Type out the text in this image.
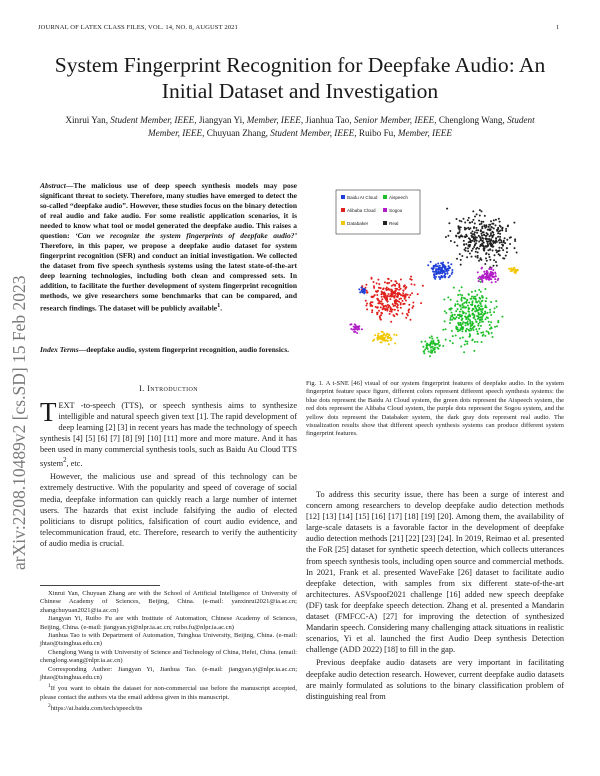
JOURNAL OF LATEX CLASS FILES, VOL. 14, NO. 8, AUGUST 2021	1
arXiv:2208.10489v2 [cs.SD] 15 Feb 2023
System Fingerprint Recognition for Deepfake Audio: An Initial Dataset and Investigation
Xinrui Yan, Student Member, IEEE, Jiangyan Yi, Member, IEEE, Jianhua Tao, Senior Member, IEEE, Chenglong Wang, Student Member, IEEE, Chuyuan Zhang, Student Member, IEEE, Ruibo Fu, Member, IEEE
Abstract—The malicious use of deep speech synthesis models may pose significant threat to society. Therefore, many studies have emerged to detect the so-called “deepfake audio”. However, these studies focus on the binary detection of real audio and fake audio. For some realistic application scenarios, it is needed to know what tool or model generated the deepfake audio. This raises a question: ‘Can we recognize the system fingerprints of deepfake audio?’ Therefore, in this paper, we propose a deepfake audio dataset for system fingerprint recognition (SFR) and conduct an initial investigation. We collected the dataset from five speech synthesis systems using the latest state-of-the-art deep learning technologies, including both clean and compressed sets. In addition, to facilitate the further development of system fingerprint recognition methods, we give researchers some benchmarks that can be compared, and research findings. The dataset will be publicly available$^1$.
Index Terms—deepfake audio, system fingerprint recognition, audio forensics.
I. Introduction

TEXT -to-speech (TTS), or speech synthesis aims to synthesize intelligible and natural speech given text [1]. The rapid development of deep learning [2] [3] in recent years has made the technology of speech synthesis [4] [5] [6] [7] [8] [9] [10] [11] more and more mature. And it has been used in many commercial synthesis tools, such as Baidu Au Cloud TTS system$^2$, etc.

However, the malicious use and spread of this technology can be extremely destructive. With the popularity and speed of coverage of social media, deepfake information can quickly reach a large number of internet users. The hazards that exist include falsifying the audio of elected politicians to disrupt politics, falsification of court audio evidence, and telecommunication fraud, etc. Therefore, research to verify the authenticity of audio media is crucial.

Xinrui Yan, Chuyuan Zhang are with the School of Artificial Intelligence of University of Chinese Academy of Sciences, Beijing, China. (e-mail: yanxinrui2021@ia.ac.cn; zhangchuyuan2021@ia.ac.cn)

Jiangyan Yi, Ruibo Fu are with Institute of Automation, Chinese Academy of Sciences, Beijing, China. (e-mail: jiangyan.yi@nlpr.ia.ac.cn; ruibo.fu@nlpr.ia.ac.cn)

Jianhua Tao is with Department of Automation, Tsinghua University, Beijing, China. (e-mail: jhtao@tsinghua.edu.cn)

Chenglong Wang is with University of Science and Technology of China, Hefei, China. (email: chenglong.wang@nlpr.ia.ac.cn)

Corresponding Author: Jiangyan Yi, Jianhua Tao. (e-mail: jiangyan.yi@nlpr.ia.ac.cn; jhtao@tsinghua.edu.cn)

$^1$If you want to obtain the dataset for non-commercial use before the manuscript accepted, please contact the authors via the email address given in this manuscript.

$^2$https://ai.baidu.com/tech/speech/tts

Baidu AI Cloud	Aispeech
Alibaba Cloud	Sogou
Databaker	Real
Fig. 1. A t-SNE [46] visual of our system fingerprint features of deepfake audio. In the system fingerprint feature space figure, different colors represent different speech synthesis systems: the blue dots represent the Baidu Ai Cloud system, the green dots represent the Aispeech system, the red dots represent the Alibaba Cloud system, the purple dots represent the Sogou system, and the yellow dots represent the Databaker system, the dark gray dots represent real audio. The visualization results show that different speech synthesis systems can produce different system fingerprint features.

To address this security issue, there has been a surge of interest and concern among researchers to develop deepfake audio detection methods [12] [13] [14] [15] [16] [17] [18] [19] [20]. Among them, the availability of large-scale datasets is a favorable factor in the development of deepfake audio detection methods [21] [22] [23] [24]. In 2019, Reimao et al. presented the FoR [25] dataset for synthetic speech detection, which collects utterances from speech synthesis tools, including open source and commercial methods. In 2021, Frank et al. presented WaveFake [26] dataset to facilitate audio deepfake detection, with samples from six different state-of-the-art architectures. ASVspoof2021 challenge [16] added new speech deepfake (DF) task for deepfake speech detection. Zhang et al. presented a Mandarin dataset (FMFCC-A) [27] for improving the detection of synthesized Mandarin speech. Considering many challenging attack situations in realistic scenarios, Yi et al. launched the first Audio Deep synthesis Detection challenge (ADD 2022) [18] to fill in the gap.

Previous deepfake audio datasets are very important in facilitating deepfake audio detection research. However, current deepfake audio datasets are mainly formulated as solutions to the binary classification problem of distinguishing real from
